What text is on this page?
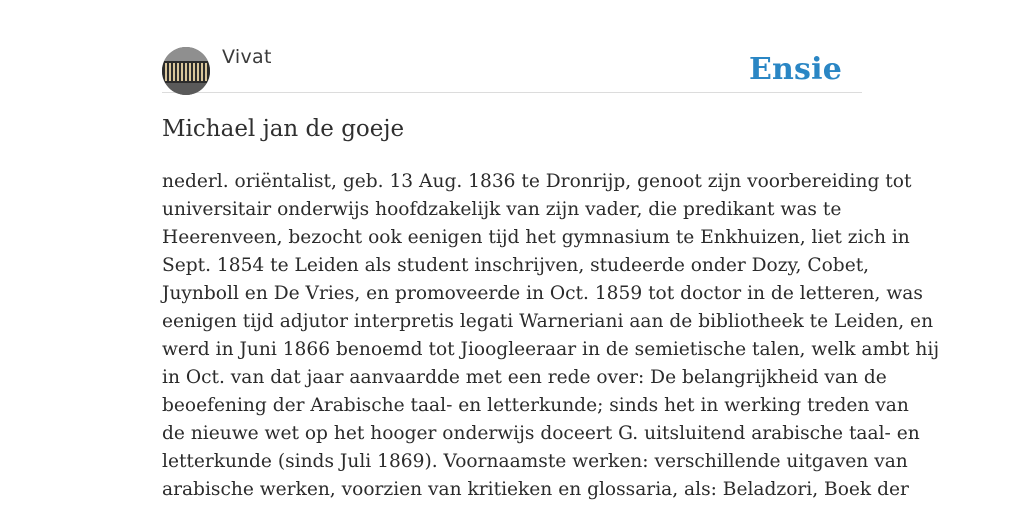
Vivat	Ensie
Michael jan de goeje

nederl. oriëntalist, geb. 13 Aug. 1836 te Dronrijp, genoot zijn voorbereiding tot
universitair onderwijs hoofdzakelijk van zijn vader, die predikant was te
Heerenveen, bezocht ook eenigen tijd het gymnasium te Enkhuizen, liet zich in
Sept. 1854 te Leiden als student inschrijven, studeerde onder Dozy, Cobet,
Juynboll en De Vries, en promoveerde in Oct. 1859 tot doctor in de letteren, was
eenigen tijd adjutor interpretis legati Warneriani aan de bibliotheek te Leiden, en
werd in Juni 1866 benoemd tot Jioogleeraar in de semietische talen, welk ambt hij
in Oct. van dat jaar aanvaardde met een rede over: De belangrijkheid van de
beoefening der Arabische taal- en letterkunde; sinds het in werking treden van
de nieuwe wet op het hooger onderwijs doceert G. uitsluitend arabische taal- en
letterkunde (sinds Juli 1869). Voornaamste werken: verschillende uitgaven van
arabische werken, voorzien van kritieken en glossaria, als: Beladzori, Boek der
